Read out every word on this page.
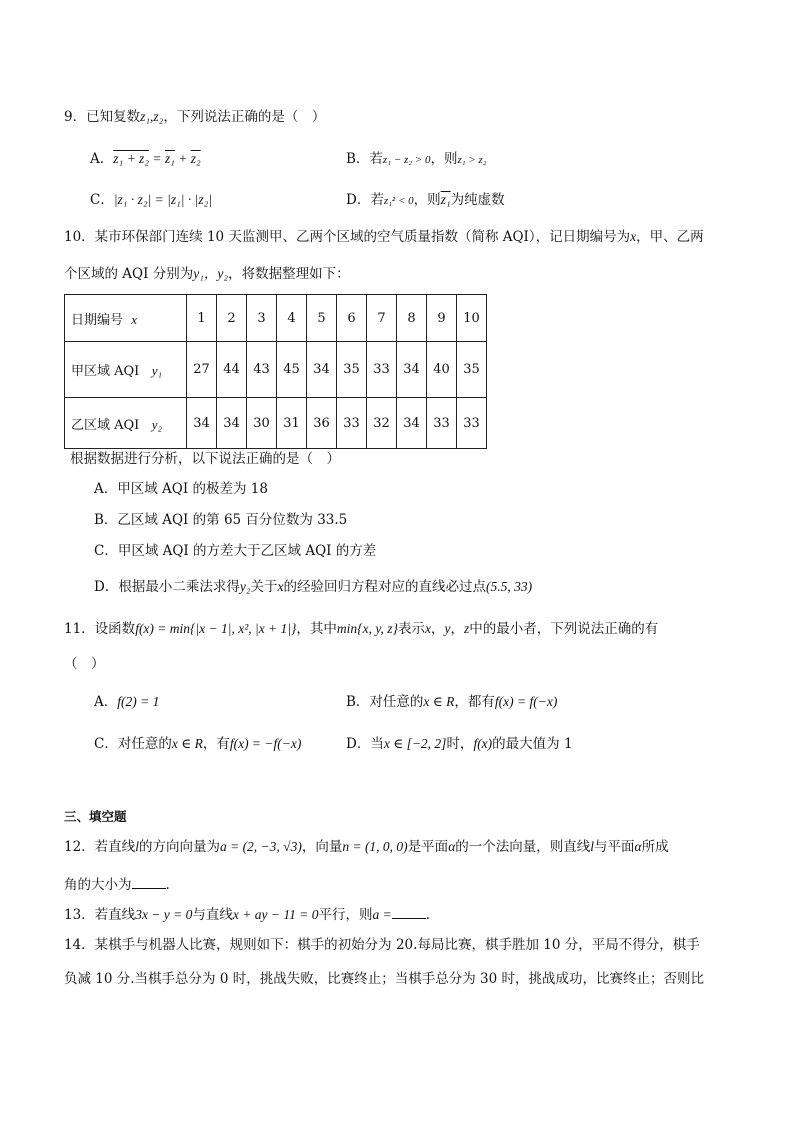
9．已知复数z₁,z₂，下列说法正确的是（　）
A．z₁ + z₂ = z₁ + z₂	B．若z₁ − z₂ > 0，则z₁ > z₂
C．|z₁ · z₂| = |z₁| · |z₂|	D．若z₁² < 0，则z₁为纯虚数
10．某市环保部门连续 10 天监测甲、乙两个区域的空气质量指数（简称 AQI），记日期编号为x，甲、乙两
个区域的 AQI 分别为y₁，y₂，将数据整理如下：
日期编号 x	1	2	3	4	5	6	7	8	9	10
甲区域 AQI y₁	27	44	43	45	34	35	33	34	40	35
乙区域 AQI y₂	34	34	30	31	36	33	32	34	33	33
根据数据进行分析，以下说法正确的是（　）
A．甲区域 AQI 的极差为 18
B．乙区域 AQI 的第 65 百分位数为 33.5
C．甲区域 AQI 的方差大于乙区域 AQI 的方差
D．根据最小二乘法求得y₂关于x的经验回归方程对应的直线必过点(5.5, 33)
11．设函数f(x) = min{|x − 1|, x², |x + 1|}，其中min{x, y, z}表示x，y，z中的最小者，下列说法正确的有
（　）
A．f(2) = 1	B．对任意的x ∈ R，都有f(x) = f(−x)
C．对任意的x ∈ R，有f(x) = −f(−x)	D．当x ∈ [−2, 2]时，f(x)的最大值为 1
三、填空题
12．若直线l的方向向量为a = (2, −3, √3)，向量n = (1, 0, 0)是平面α的一个法向量，则直线l与平面α所成
角的大小为	.
13．若直线3x − y = 0与直线x + ay − 11 = 0平行，则a =	.
14．某棋手与机器人比赛，规则如下：棋手的初始分为 20.每局比赛，棋手胜加 10 分，平局不得分，棋手
负减 10 分.当棋手总分为 0 时，挑战失败，比赛终止；当棋手总分为 30 时，挑战成功，比赛终止；否则比
